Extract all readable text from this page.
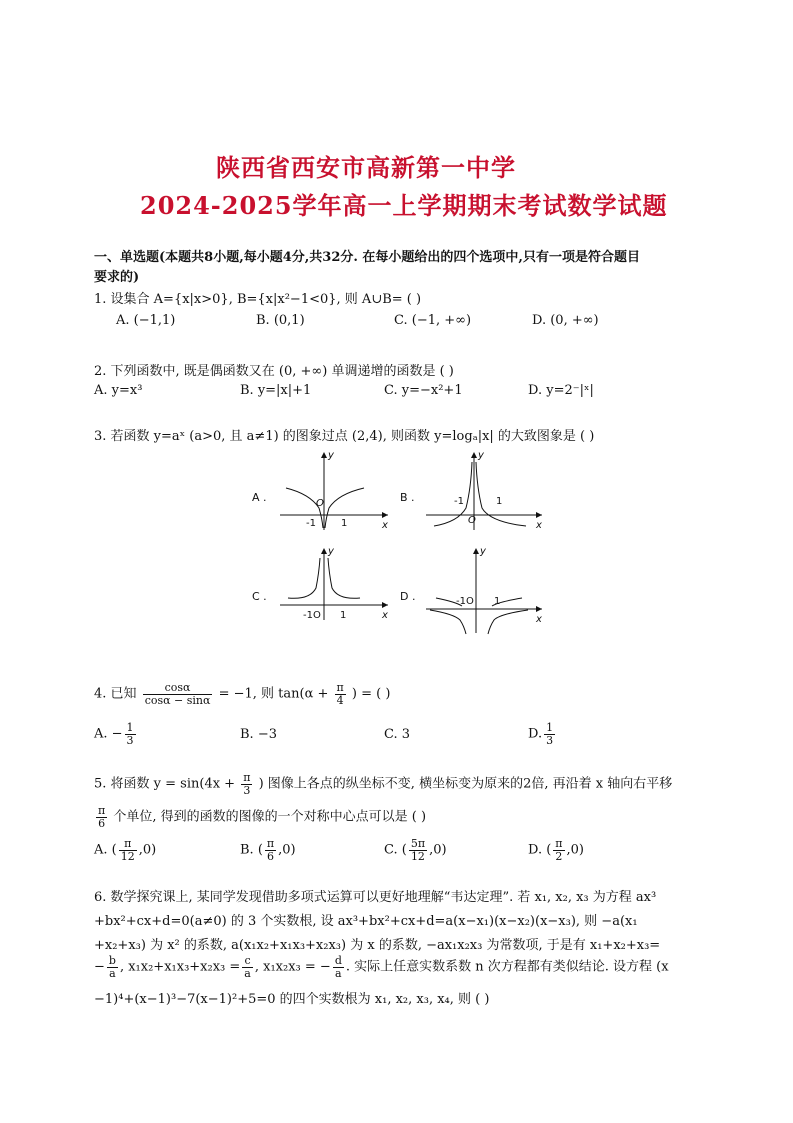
陕西省西安市高新第一中学
2024-2025学年高一上学期期末考试数学试题
一、单选题(本题共8小题,每小题4分,共32分. 在每小题给出的四个选项中,只有一项是符合题目
要求的)
1. 设集合 A={x|x>0}, B={x|x²−1<0}, 则 A∪B= ( )
A. (−1,1)	B. (0,1)	C. (−1, +∞)	D. (0, +∞)
2. 下列函数中, 既是偶函数又在 (0, +∞) 单调递增的函数是 ( )
A. y=x³	B. y=|x|+1	C. y=−x²+1	D. y=2⁻|ˣ|
3. 若函数 y=aˣ (a>0, 且 a≠1) 的图象过点 (2,4), 则函数 y=logₐ|x| 的大致图象是 ( )
A .
y
x
O
-1	1
B .
y
x
O
-1	1
C .
y
x
-1O 1
D .
y
x
-1O 1
4. 已知 $\frac{\cos\alpha}{\cos\alpha - \sin\alpha} = -1$, 则 $\tan(\alpha + \frac{\pi}{4}$ ) = ( )
A. − $\frac{1}{3}$	B. −3	C. 3	D. $\frac{1}{3}$
5. 将函数 $y = \sin(4x + \frac{\pi}{3}$ ) 图像上各点的纵坐标不变, 横坐标变为原来的2倍, 再沿着 x 轴向右平移
$\frac{\pi}{6}$ 个单位, 得到的函数的图像的一个对称中心点可以是 ( )
A. ( $\frac{\pi}{12} ,0$)	B. ( $\frac{\pi}{6} ,0$)	C. ( $\frac{5\pi}{12} ,0$)	D. ( $\frac{\pi}{2} ,0$)
6. 数学探究课上, 某同学发现借助多项式运算可以更好地理解“韦达定理”. 若 x₁, x₂, x₃ 为方程 ax³
+bx²+cx+d=0(a≠0) 的 3 个实数根, 设 ax³+bx²+cx+d=a(x−x₁)(x−x₂)(x−x₃), 则 −a(x₁
+x₂+x₃) 为 x² 的系数, a(x₁x₂+x₁x₃+x₂x₃) 为 x 的系数, −ax₁x₂x₃ 为常数项, 于是有 x₁+x₂+x₃=
− $\frac{b}{a}$ , $x_1x_2+x_1x_3+x_2x_3 = \frac{c}{a}$ , x₁x₂x₃ = − $\frac{d}{a}$ . 实际上任意实数系数 n 次方程都有类似结论. 设方程 (x
−1)⁴+(x−1)³−7(x−1)²+5=0 的四个实数根为 x₁, x₂, x₃, x₄, 则 ( )
